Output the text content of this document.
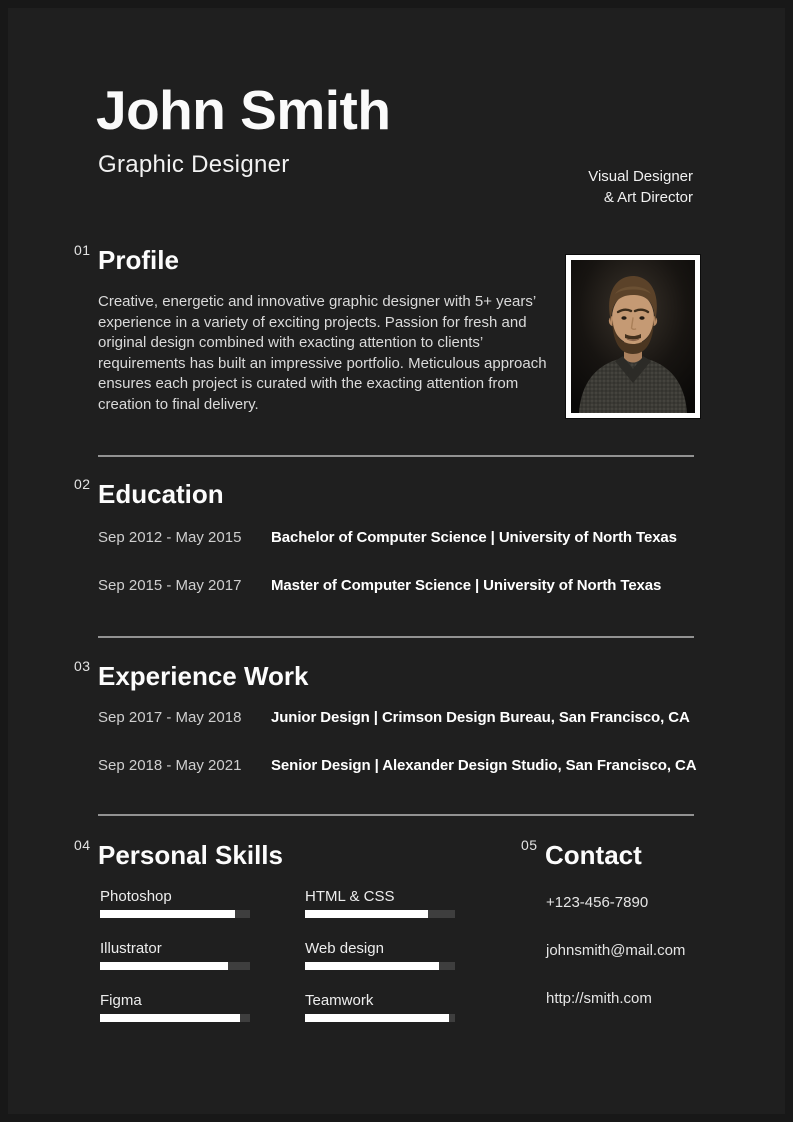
John Smith
Graphic Designer	Visual Designer
& Art Director
01 Profile

Creative, energetic and innovative graphic designer with 5+ years’ experience in a variety of exciting projects. Passion for fresh and original design combined with exacting attention to clients’ requirements has built an impressive portfolio. Meticulous approach ensures each project is curated with the exacting attention from creation to final delivery.

02 Education
Sep 2012 - May 2015	Bachelor of Computer Science | University of North Texas
Sep 2015 - May 2017	Master of Computer Science | University of North Texas
03 Experience Work
Sep 2017 - May 2018	Junior Design | Crimson Design Bureau, San Francisco, CA
Sep 2018 - May 2021	Senior Design | Alexander Design Studio, San Francisco, CA
04 Personal Skills
Photoshop
Illustrator
Figma
HTML & CSS
Web design
Teamwork
05 Contact
+123-456-7890
johnsmith@mail.com
http://smith.com
